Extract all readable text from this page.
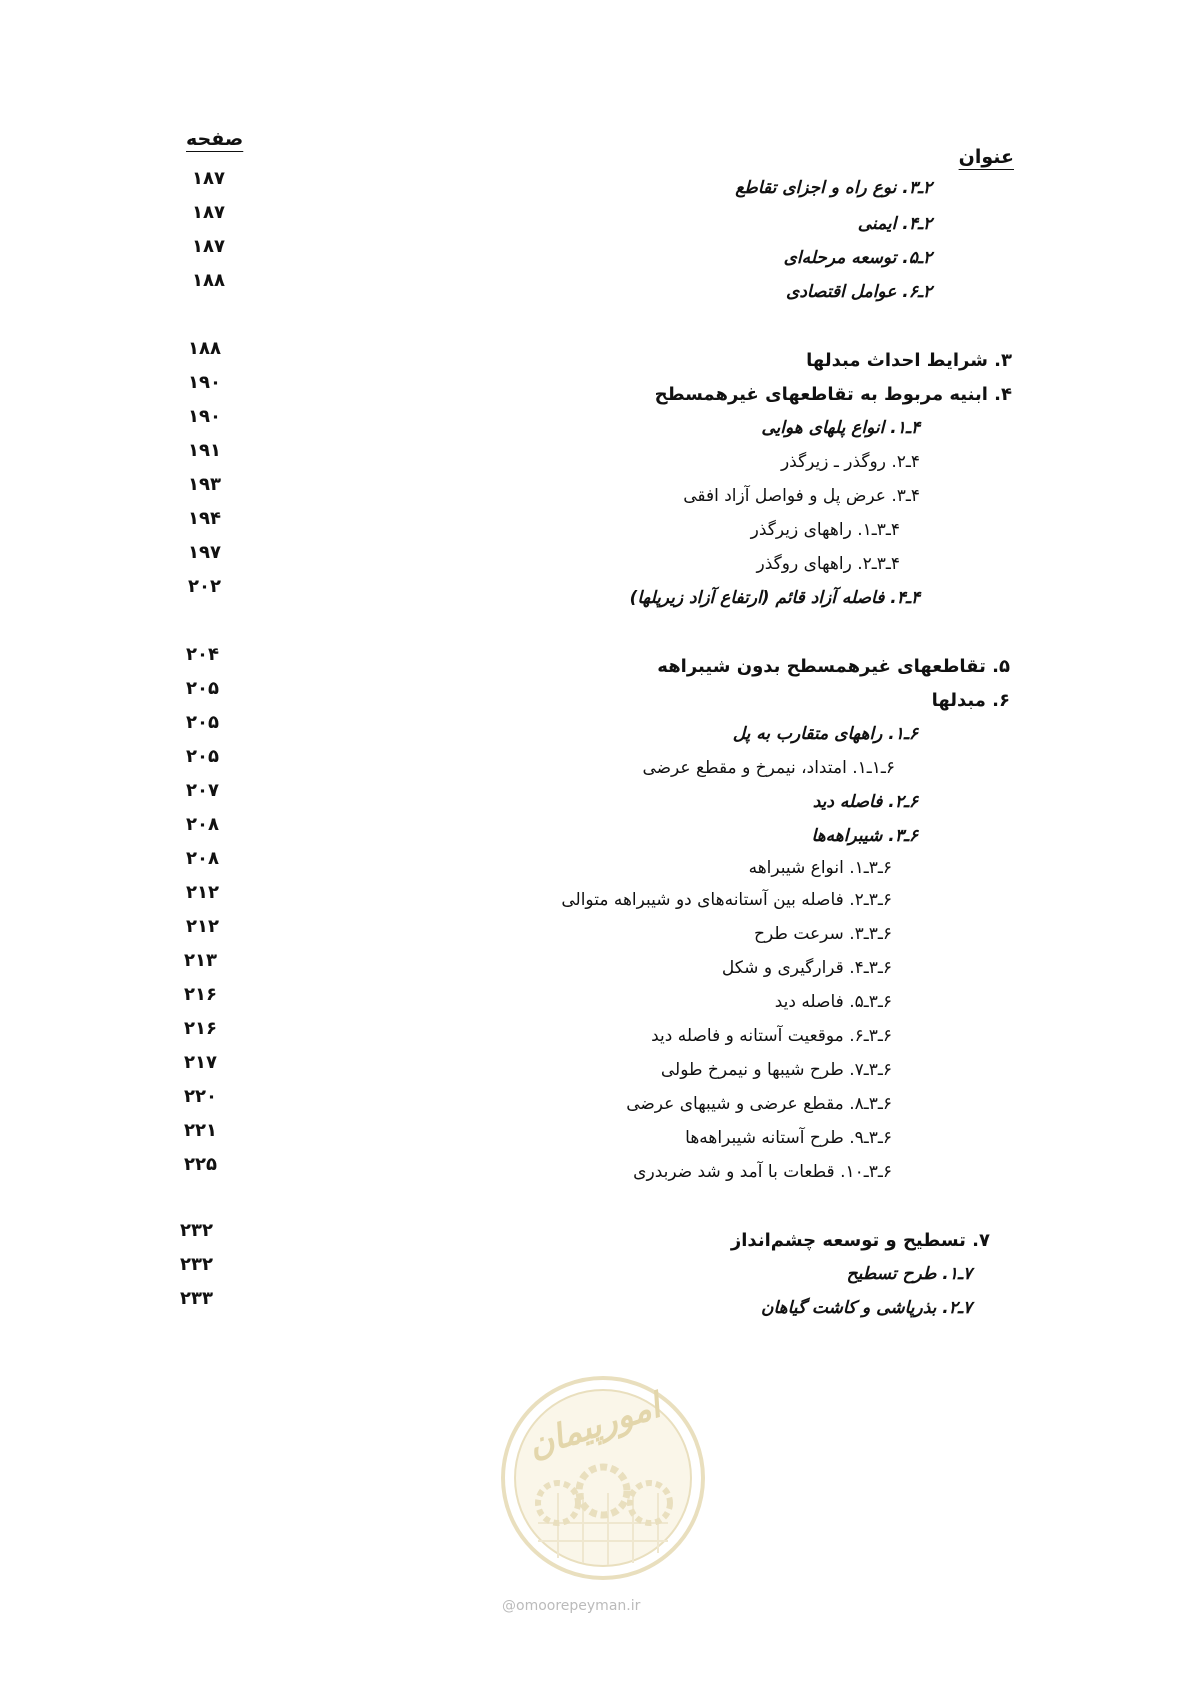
عنوان
صفحه
۲ـ۳. نوع راه و اجزای تقاطع
۱۸۷
۲ـ۴. ایمنی
۱۸۷
۲ـ۵. توسعه مرحله‌ای
۱۸۷
۲ـ۶. عوامل اقتصادی
۱۸۸
۳. شرایط احداث مبدلها
۱۸۸
۴. ابنیه مربوط به تقاطعهای غیرهمسطح
۱۹۰
۴ـ۱. انواع پلهای هوایی
۱۹۰
۴ـ۲. روگذر ـ زیرگذر
۱۹۱
۴ـ۳. عرض پل و فواصل آزاد افقی
۱۹۳
۴ـ۳ـ۱. راههای زیرگذر
۱۹۴
۴ـ۳ـ۲. راههای روگذر
۱۹۷
۴ـ۴. فاصله آزاد قائم (ارتفاع آزاد زیرپلها)
۲۰۲
۵. تقاطعهای غیرهمسطح بدون شیبراهه
۲۰۴
۶. مبدلها
۲۰۵
۶ـ۱. راههای متقارب به پل
۲۰۵
۶ـ۱ـ۱. امتداد، نیمرخ و مقطع عرضی
۲۰۵
۶ـ۲. فاصله دید
۲۰۷
۶ـ۳. شیبراهه‌ها
۲۰۸
۶ـ۳ـ۱. انواع شیبراهه
۲۰۸
۶ـ۳ـ۲. فاصله بین آستانه‌های دو شیبراهه متوالی
۲۱۲
۶ـ۳ـ۳. سرعت طرح
۲۱۲
۶ـ۳ـ۴. قرارگیری و شکل
۲۱۳
۶ـ۳ـ۵. فاصله دید
۲۱۶
۶ـ۳ـ۶. موقعیت آستانه و فاصله دید
۲۱۶
۶ـ۳ـ۷. طرح شیبها و نیمرخ طولی
۲۱۷
۶ـ۳ـ۸. مقطع عرضی و شیبهای عرضی
۲۲۰
۶ـ۳ـ۹. طرح آستانه شیبراهه‌ها
۲۲۱
۶ـ۳ـ۱۰. قطعات با آمد و شد ضربدری
۲۲۵
۷. تسطیح و توسعه چشم‌انداز
۲۳۲
۷ـ۱. طرح تسطیح
۲۳۲
۷ـ۲. بذرپاشی و کاشت گیاهان
۲۳۳
امورپیمان
@omoorepeyman.ir
